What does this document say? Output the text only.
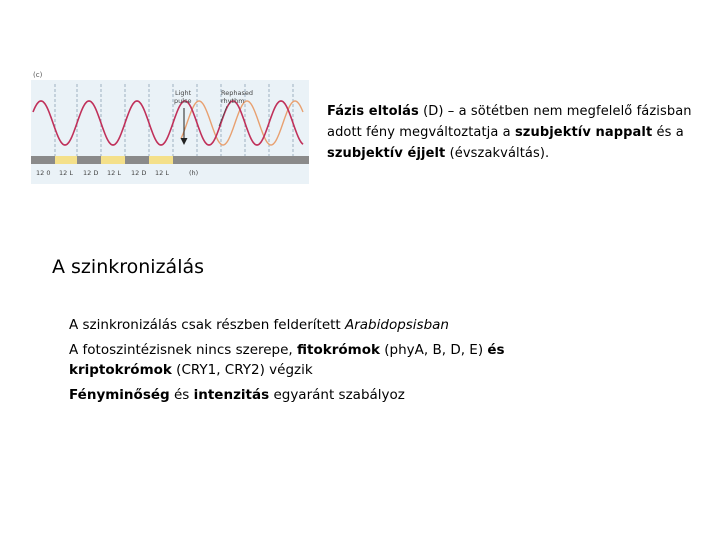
(c)
Light
pulse
Rephased
rhythm
12 0 12 L 12 D 12 L 12 D 12 L	(h)
Fázis eltolás (D) – a sötétben nem megfelelő fázisban adott fény megváltoztatja a szubjektív nappalt és a szubjektív éjjelt (évszakváltás).
A szinkronizálás

A szinkronizálás csak részben felderített Arabidopsisban

A fotoszintézisnek nincs szerepe, fitokrómok (phyA, B, D, E) és kriptokrómok (CRY1, CRY2) végzik

Fényminőség és intenzitás egyaránt szabályoz
